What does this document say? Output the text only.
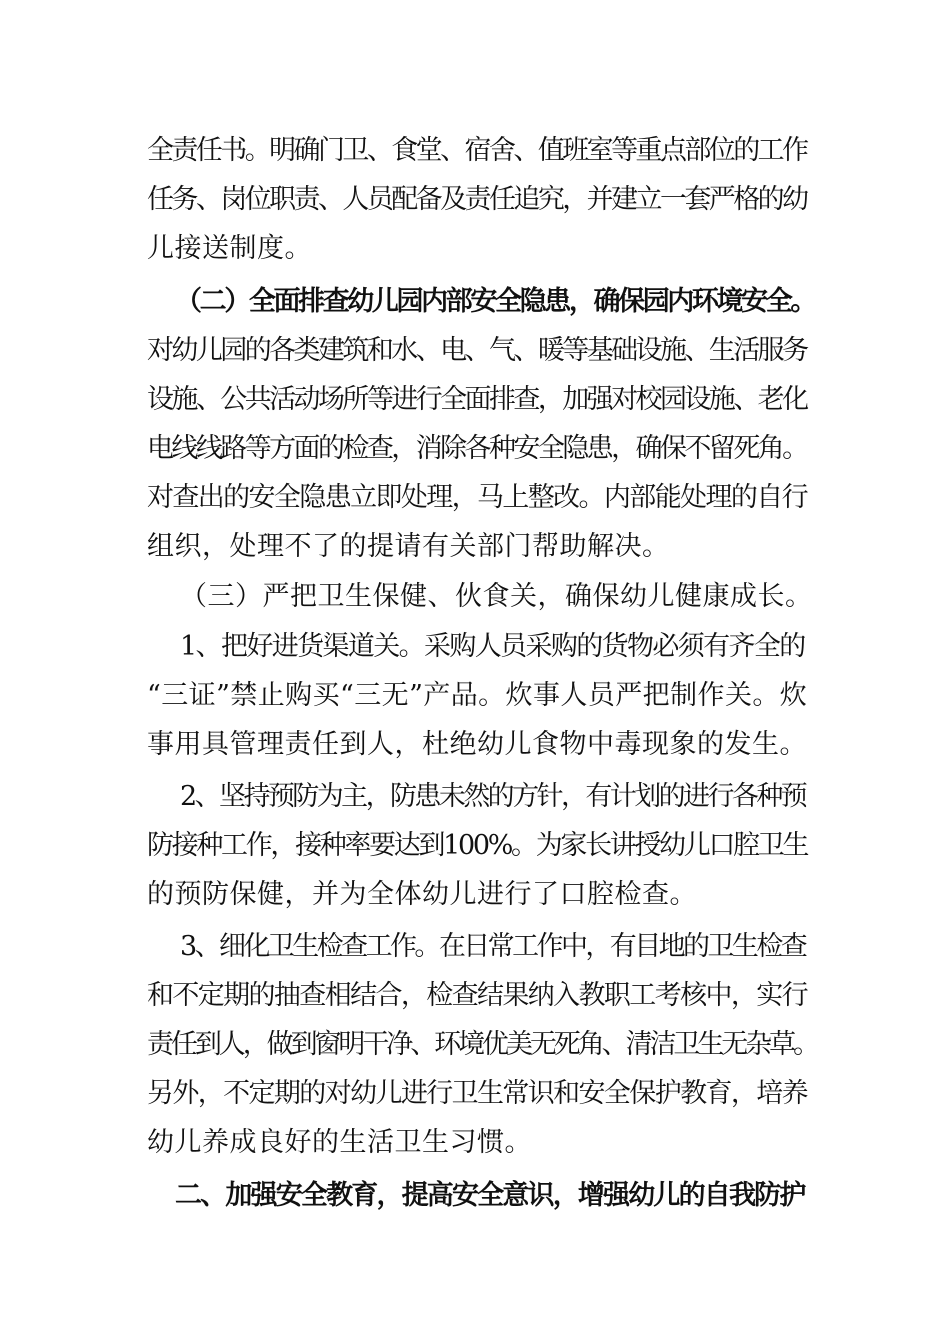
全责任书。明确门卫、食堂、宿舍、值班室等重点部位的工作
任务、岗位职责、人员配备及责任追究，并建立一套严格的幼
儿接送制度。
（二）全面排查幼儿园内部安全隐患，确保园内环境安全。
对幼儿园的各类建筑和水、电、气、暖等基础设施、生活服务
设施、公共活动场所等进行全面排查，加强对校园设施、老化
电线线路等方面的检查，消除各种安全隐患，确保不留死角。
对查出的安全隐患立即处理，马上整改。内部能处理的自行
组织，处理不了的提请有关部门帮助解决。
（三）严把卫生保健、伙食关，确保幼儿健康成长。
1、把好进货渠道关。采购人员采购的货物必须有齐全的
“三证”禁止购买“三无”产品。炊事人员严把制作关。炊
事用具管理责任到人，杜绝幼儿食物中毒现象的发生。
2、坚持预防为主，防患未然的方针，有计划的进行各种预
防接种工作，接种率要达到100%。为家长讲授幼儿口腔卫生
的预防保健，并为全体幼儿进行了口腔检查。
3、细化卫生检查工作。在日常工作中，有目地的卫生检查
和不定期的抽查相结合，检查结果纳入教职工考核中，实行
责任到人，做到窗明干净、环境优美无死角、清洁卫生无杂草。
另外，不定期的对幼儿进行卫生常识和安全保护教育，培养
幼儿养成良好的生活卫生习惯。
二、加强安全教育，提高安全意识，增强幼儿的自我防护
